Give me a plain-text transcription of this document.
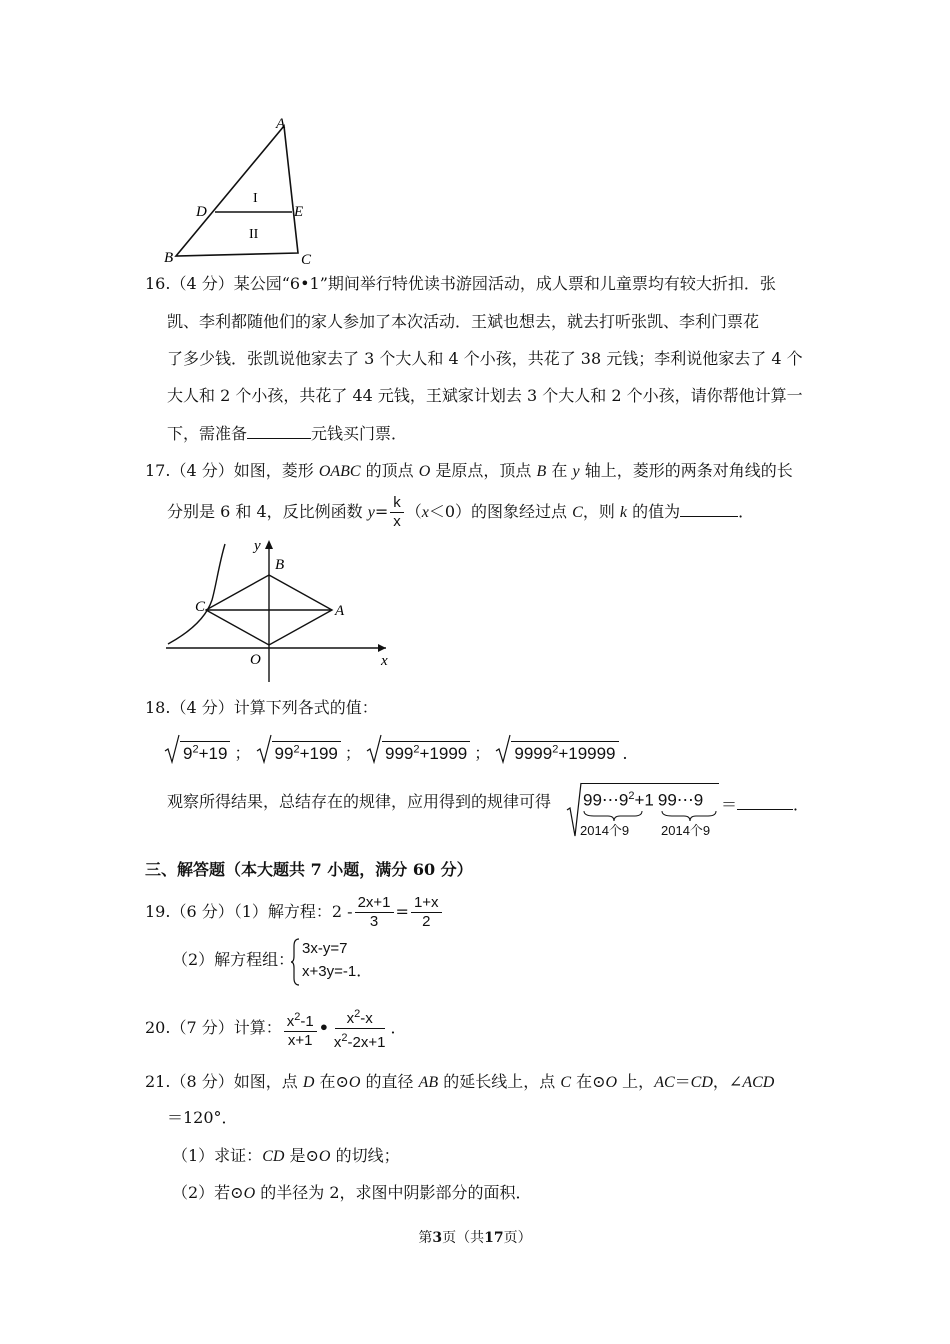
A
B	C
D	E
I
II
16.（4 分）某公园“6•1”期间举行特优读书游园活动，成人票和儿童票均有较大折扣．张
凯、李利都随他们的家人参加了本次活动．王斌也想去，就去打听张凯、李利门票花
了多少钱．张凯说他家去了 3 个大人和 4 个小孩，共花了 38 元钱；李利说他家去了 4 个
大人和 2 个小孩，共花了 44 元钱，王斌家计划去 3 个大人和 2 个小孩，请你帮他计算一
下，需准备	元钱买门票．
17.（4 分）如图，菱形 OABC 的顶点 O 是原点，顶点 B 在 y 轴上，菱形的两条对角线的长
分别是 6 和 4，反比例函数 $y= \frac{k}{x} (x<0)$的图象经过点 C，则 k 的值为	．
y
x
B
C	A
O
18.（4 分）计算下列各式的值：
$9^2+19$ ； $99^2+199$ ； $999^2+1999$ ； $9999^2+19999$ ．
观察所得结果，总结存在的规律，应用得到的规律可得 $99\cdots 9^2+1$ 99⋯9
2014个9 2014个9
＝	．
三、解答题（本大题共 7 小题，满分 60 分）
19.（6 分）（1）解方程：$2 - \frac{2x+1}{3} = \frac{1+x}{2}$
（2）解方程组：
3x-y=7
x+3y=-1．
20.（7 分）计算： $\frac{x^2-1}{x+1}$ • $\frac{x^2-x}{x^2-2x+1}$ ．
21.（8 分）如图，点 D 在⊙O 的直径 AB 的延长线上，点 C 在⊙O 上，AC＝CD，∠ACD
＝120°．
（1）求证：CD 是⊙O 的切线；
（2）若⊙O 的半径为 2，求图中阴影部分的面积．
第3页（共17页）
